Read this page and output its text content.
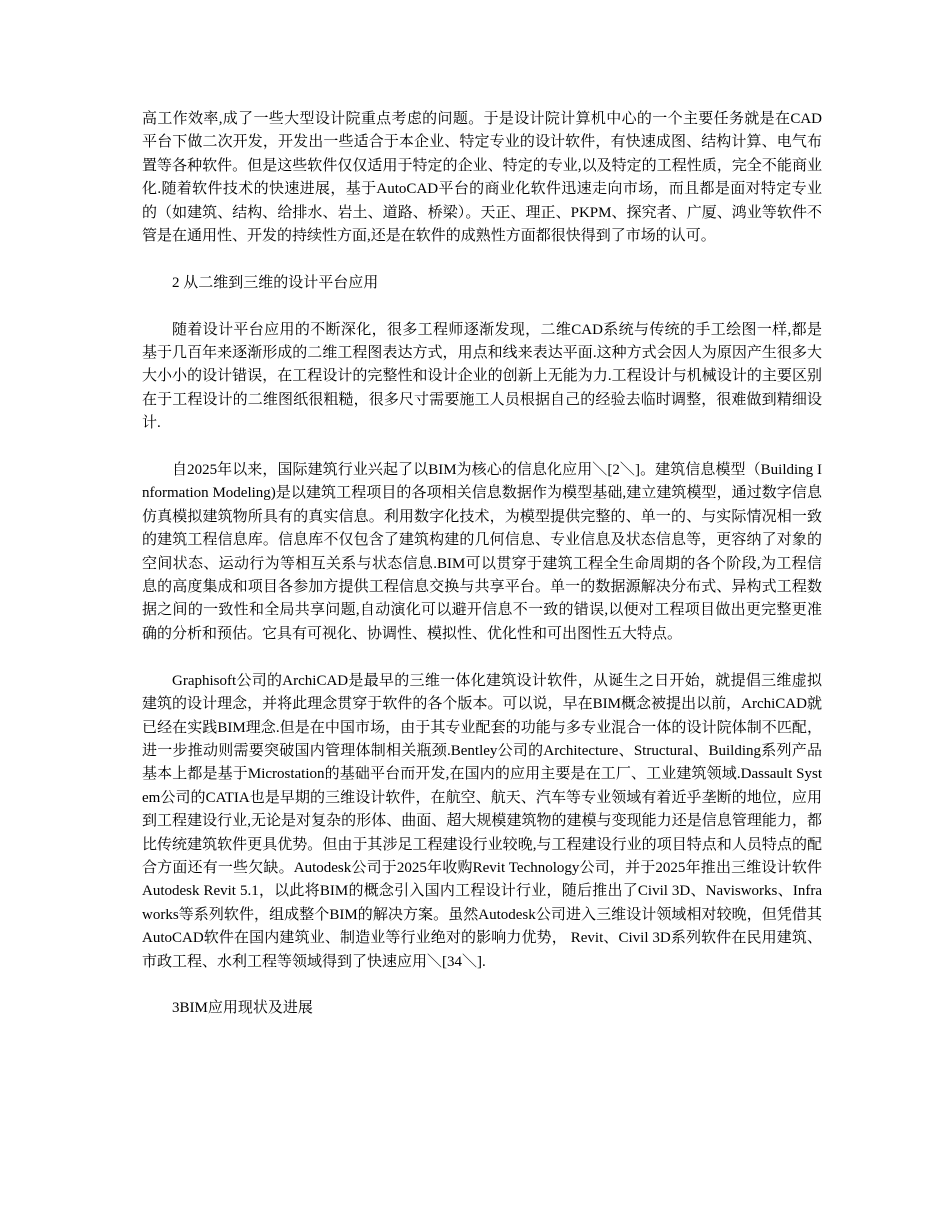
高工作效率,成了一些大型设计院重点考虑的问题。于是设计院计算机中心的一个主要任务就是在CAD平台下做二次开发，开发出一些适合于本企业、特定专业的设计软件，有快速成图、结构计算、电气布置等各种软件。但是这些软件仅仅适用于特定的企业、特定的专业,以及特定的工程性质，完全不能商业化.随着软件技术的快速进展，基于AutoCAD平台的商业化软件迅速走向市场，而且都是面对特定专业的（如建筑、结构、给排水、岩土、道路、桥梁）。天正、理正、PKPM、探究者、广厦、鸿业等软件不管是在通用性、开发的持续性方面,还是在软件的成熟性方面都很快得到了市场的认可。

2 从二维到三维的设计平台应用

随着设计平台应用的不断深化，很多工程师逐渐发现，二维CAD系统与传统的手工绘图一样,都是基于几百年来逐渐形成的二维工程图表达方式，用点和线来表达平面.这种方式会因人为原因产生很多大大小小的设计错误，在工程设计的完整性和设计企业的创新上无能为力.工程设计与机械设计的主要区别在于工程设计的二维图纸很粗糙，很多尺寸需要施工人员根据自己的经验去临时调整，很难做到精细设计.

自2025年以来，国际建筑行业兴起了以BIM为核心的信息化应用＼[2＼]。建筑信息模型（Building Information Modeling)是以建筑工程项目的各项相关信息数据作为模型基础,建立建筑模型，通过数字信息仿真模拟建筑物所具有的真实信息。利用数字化技术，为模型提供完整的、单一的、与实际情况相一致的建筑工程信息库。信息库不仅包含了建筑构建的几何信息、专业信息及状态信息等，更容纳了对象的空间状态、运动行为等相互关系与状态信息.BIM可以贯穿于建筑工程全生命周期的各个阶段,为工程信息的高度集成和项目各参加方提供工程信息交换与共享平台。单一的数据源解决分布式、异构式工程数据之间的一致性和全局共享问题,自动演化可以避开信息不一致的错误,以便对工程项目做出更完整更准确的分析和预估。它具有可视化、协调性、模拟性、优化性和可出图性五大特点。

Graphisoft公司的ArchiCAD是最早的三维一体化建筑设计软件，从诞生之日开始，就提倡三维虚拟建筑的设计理念，并将此理念贯穿于软件的各个版本。可以说，早在BIM概念被提出以前，ArchiCAD就已经在实践BIM理念.但是在中国市场，由于其专业配套的功能与多专业混合一体的设计院体制不匹配，进一步推动则需要突破国内管理体制相关瓶颈.Bentley公司的Architecture、Structural、Building系列产品基本上都是基于Microstation的基础平台而开发,在国内的应用主要是在工厂、工业建筑领域.Dassault System公司的CATIA也是早期的三维设计软件，在航空、航天、汽车等专业领域有着近乎垄断的地位，应用到工程建设行业,无论是对复杂的形体、曲面、超大规模建筑物的建模与变现能力还是信息管理能力，都比传统建筑软件更具优势。但由于其涉足工程建设行业较晚,与工程建设行业的项目特点和人员特点的配合方面还有一些欠缺。Autodesk公司于2025年收购Revit Technology公司，并于2025年推出三维设计软件Autodesk Revit 5.1，以此将BIM的概念引入国内工程设计行业，随后推出了Civil 3D、Navisworks、Infraworks等系列软件，组成整个BIM的解决方案。虽然Autodesk公司进入三维设计领域相对较晚，但凭借其AutoCAD软件在国内建筑业、制造业等行业绝对的影响力优势， Revit、Civil 3D系列软件在民用建筑、市政工程、水利工程等领域得到了快速应用＼[34＼].

3BIM应用现状及进展
